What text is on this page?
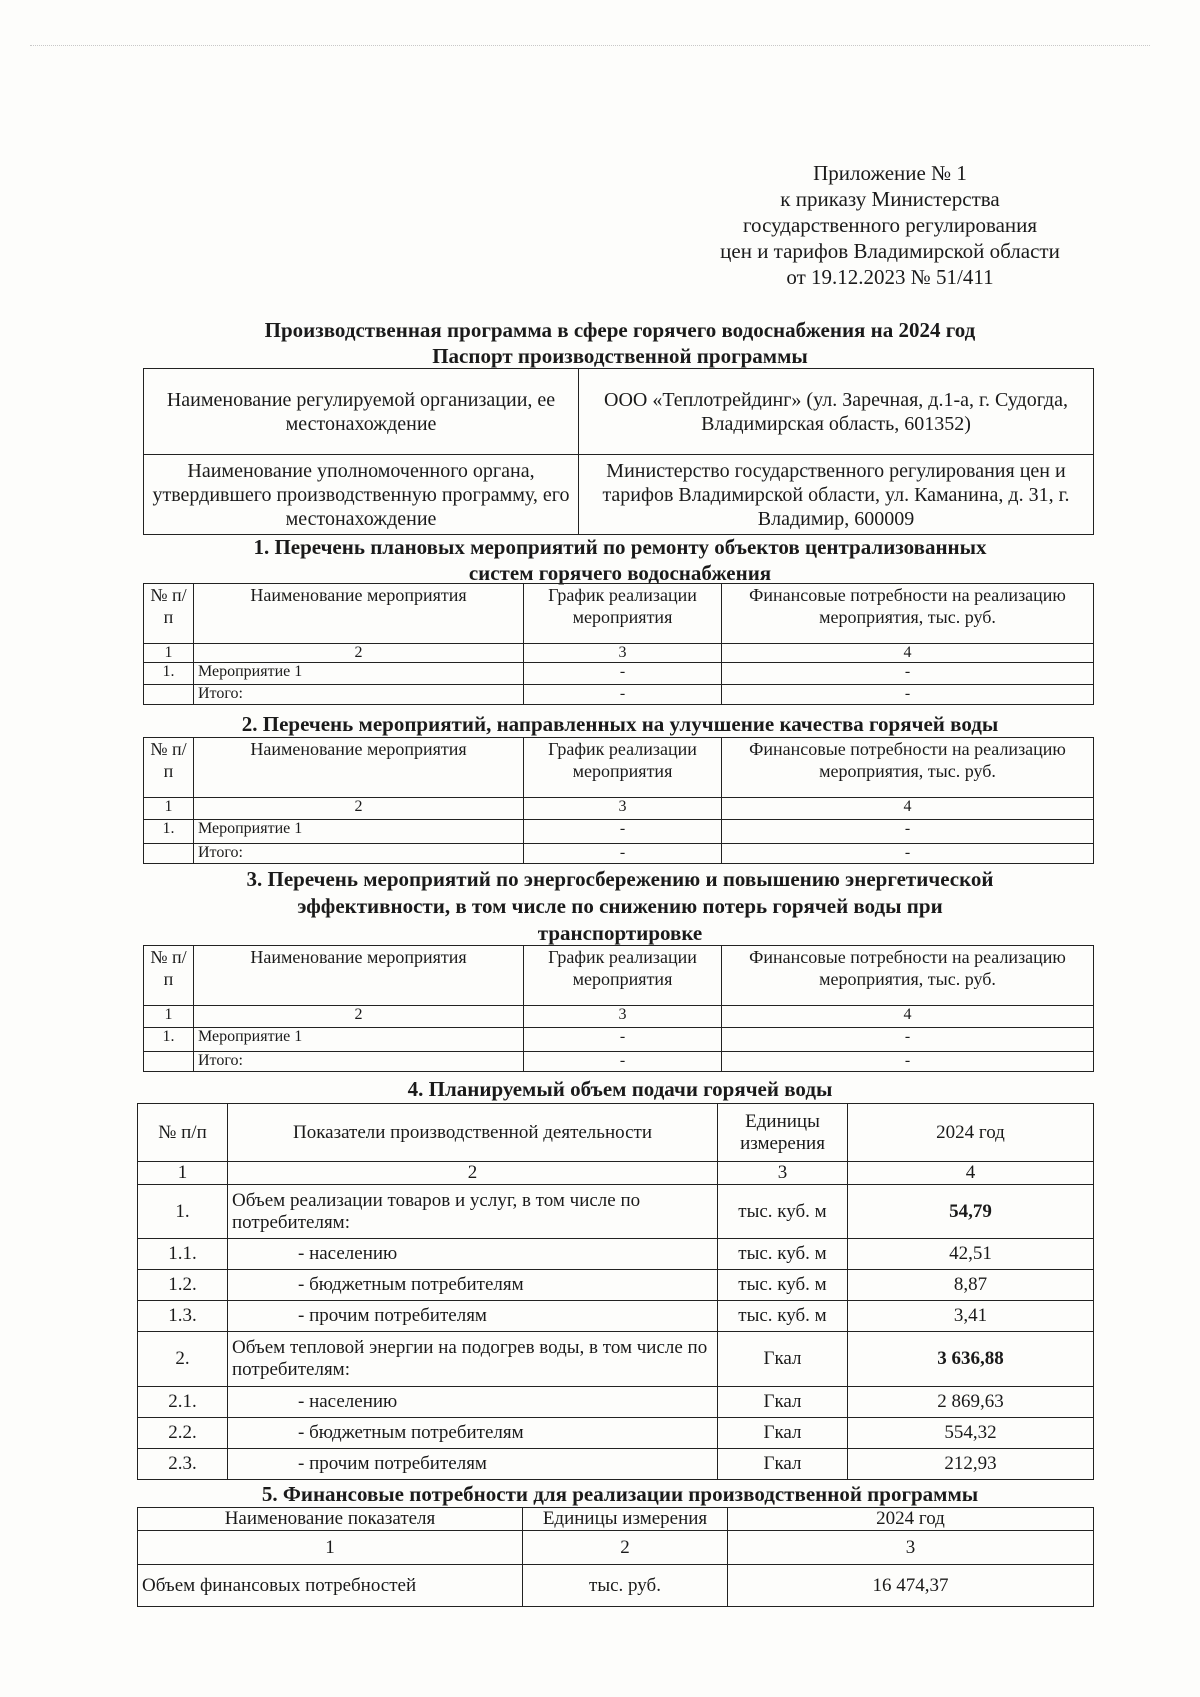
Приложение № 1
к приказу Министерства
государственного регулирования
цен и тарифов Владимирской области
от 19.12.2023 № 51/411
Производственная программа в сфере горячего водоснабжения на 2024 год
Паспорт производственной программы
Наименование регулируемой организации, ее местонахождение	ООО «Теплотрейдинг» (ул. Заречная, д.1-а, г. Судогда, Владимирская область, 601352)
Наименование уполномоченного органа, утвердившего производственную программу, его местонахождение	Министерство государственного регулирования цен и тарифов Владимирской области, ул. Каманина, д. 31, г. Владимир, 600009
1. Перечень плановых мероприятий по ремонту объектов централизованных
систем горячего водоснабжения
№ п/п	Наименование мероприятия	График реализации мероприятия	Финансовые потребности на реализацию мероприятия, тыс. руб.
1	2	3	4
1.	Мероприятие 1	-	-
	Итого:	-	-
2. Перечень мероприятий, направленных на улучшение качества горячей воды
№ п/п	Наименование мероприятия	График реализации мероприятия	Финансовые потребности на реализацию мероприятия, тыс. руб.
1	2	3	4
1.	Мероприятие 1	-	-
	Итого:	-	-
3. Перечень мероприятий по энергосбережению и повышению энергетической
эффективности, в том числе по снижению потерь горячей воды при
транспортировке
№ п/п	Наименование мероприятия	График реализации мероприятия	Финансовые потребности на реализацию мероприятия, тыс. руб.
1	2	3	4
1.	Мероприятие 1	-	-
	Итого:	-	-
4. Планируемый объем подачи горячей воды
№ п/п	Показатели производственной деятельности	Единицы измерения	2024 год
1	2	3	4
1.	Объем реализации товаров и услуг, в том числе по потребителям:	тыс. куб. м	54,79
1.1.	- населению	тыс. куб. м	42,51
1.2.	- бюджетным потребителям	тыс. куб. м	8,87
1.3.	- прочим потребителям	тыс. куб. м	3,41
2.	Объем тепловой энергии на подогрев воды, в том числе по потребителям:	Гкал	3 636,88
2.1.	- населению	Гкал	2 869,63
2.2.	- бюджетным потребителям	Гкал	554,32
2.3.	- прочим потребителям	Гкал	212,93
5. Финансовые потребности для реализации производственной программы
Наименование показателя	Единицы измерения	2024 год
1	2	3
Объем финансовых потребностей	тыс. руб.	16 474,37
